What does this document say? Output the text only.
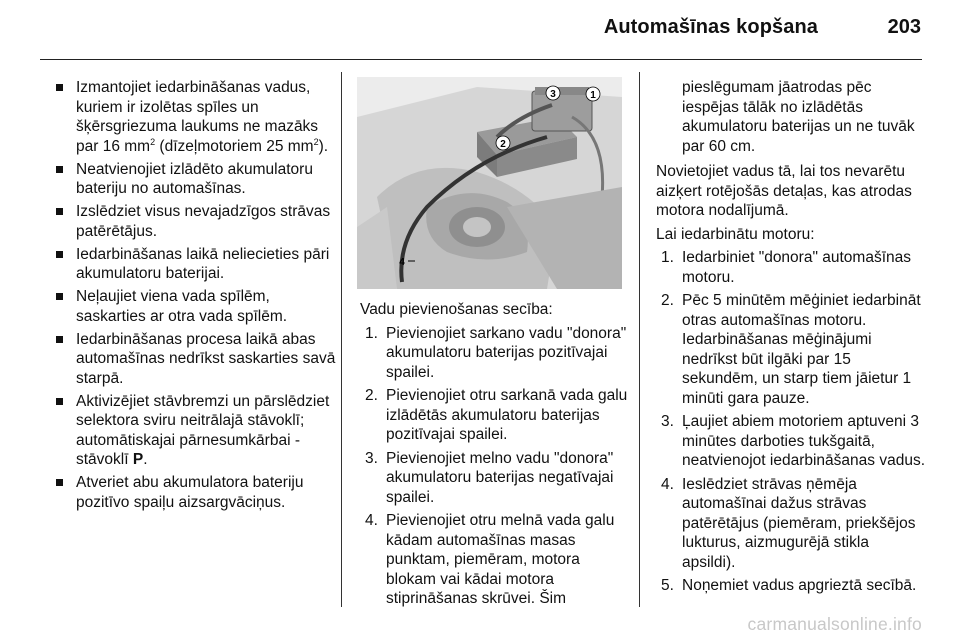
Automašīnas kopšana	203
Izmantojiet iedarbināšanas vadus, kuriem ir izolētas spīles un šķērsgriezuma laukums ne mazāks par 16 $mm^2$ (dīzeļmotoriem 25 $mm^2$).
Neatvienojiet izlādēto akumulatoru bateriju no automašīnas.
Izslēdziet visus nevajadzīgos strāvas patērētājus.
Iedarbināšanas laikā neliecieties pāri akumulatoru baterijai.
Neļaujiet viena vada spīlēm, saskarties ar otra vada spīlēm.
Iedarbināšanas procesa laikā abas automašīnas nedrīkst saskarties savā starpā.
Aktivizējiet stāvbremzi un pārslēdziet selektora sviru neitrālajā stāvoklī; automātiskajai pārnesumkārbai - stāvoklī P.
Atveriet abu akumulatora bateriju pozitīvo spaiļu aizsargvāciņus.
1
2
3
4

Vadu pievienošanas secība:

1. Pievienojiet sarkano vadu "donora" akumulatoru baterijas pozitīvajai spailei.
2. Pievienojiet otru sarkanā vada galu izlādētās akumulatoru baterijas pozitīvajai spailei.
3. Pievienojiet melno vadu "donora" akumulatoru baterijas negatīvajai spailei.
4. Pievienojiet otru melnā vada galu kādam automašīnas masas punktam, piemēram, motora blokam vai kādai motora stiprināšanas skrūvei. Šim
pieslēgumam jāatrodas pēc iespējas tālāk no izlādētās akumulatoru baterijas un ne tuvāk par 60 cm.

Novietojiet vadus tā, lai tos nevarētu aizķert rotējošās detaļas, kas atrodas motora nodalījumā.

Lai iedarbinātu motoru:

1. Iedarbiniet "donora" automašīnas motoru.
2. Pēc 5 minūtēm mēģiniet iedarbināt otras automašīnas motoru. Iedarbināšanas mēģinājumi nedrīkst būt ilgāki par 15 sekundēm, un starp tiem jāietur 1 minūti gara pauze.
3. Ļaujiet abiem motoriem aptuveni 3 minūtes darboties tukšgaitā, neatvienojot iedarbināšanas vadus.
4. Ieslēdziet strāvas ņēmēja automašīnai dažus strāvas patērētājus (piemēram, priekšējos lukturus, aizmugurējā stikla apsildi).
5. Noņemiet vadus apgrieztā secībā.
carmanualsonline.info
